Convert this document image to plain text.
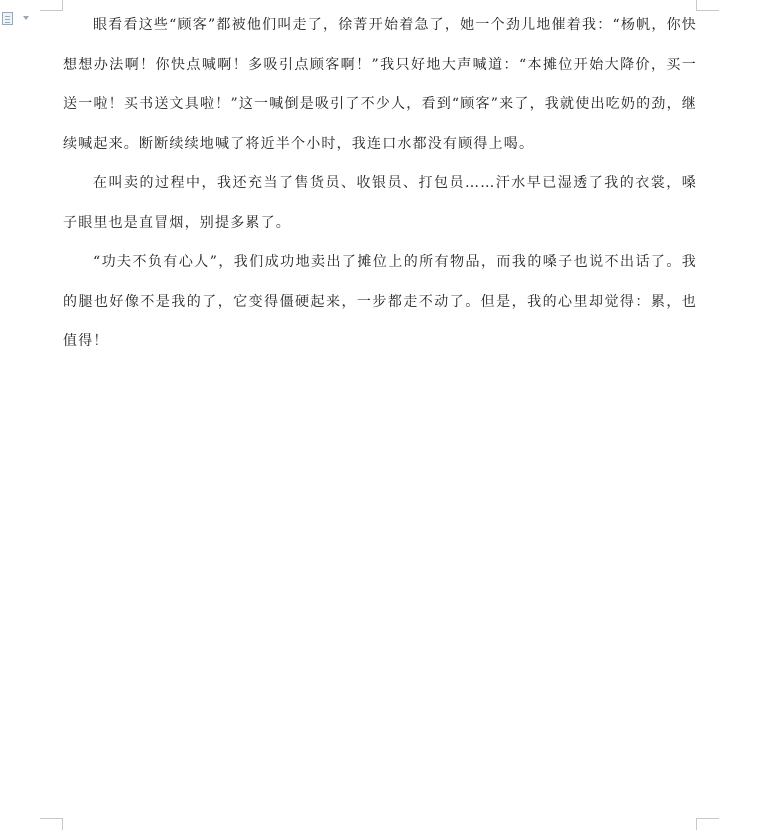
眼看看这些“顾客”都被他们叫走了，徐菁开始着急了，她一个劲儿地催着我：“杨帆，你快想想办法啊！你快点喊啊！多吸引点顾客啊！”我只好地大声喊道：“本摊位开始大降价，买一送一啦！买书送文具啦！”这一喊倒是吸引了不少人，看到“顾客”来了，我就使出吃奶的劲，继续喊起来。断断续续地喊了将近半个小时，我连口水都没有顾得上喝。

在叫卖的过程中，我还充当了售货员、收银员、打包员……汗水早已湿透了我的衣裳，嗓子眼里也是直冒烟，别提多累了。

“功夫不负有心人”，我们成功地卖出了摊位上的所有物品，而我的嗓子也说不出话了。我的腿也好像不是我的了，它变得僵硬起来，一步都走不动了。但是，我的心里却觉得：累，也值得！
